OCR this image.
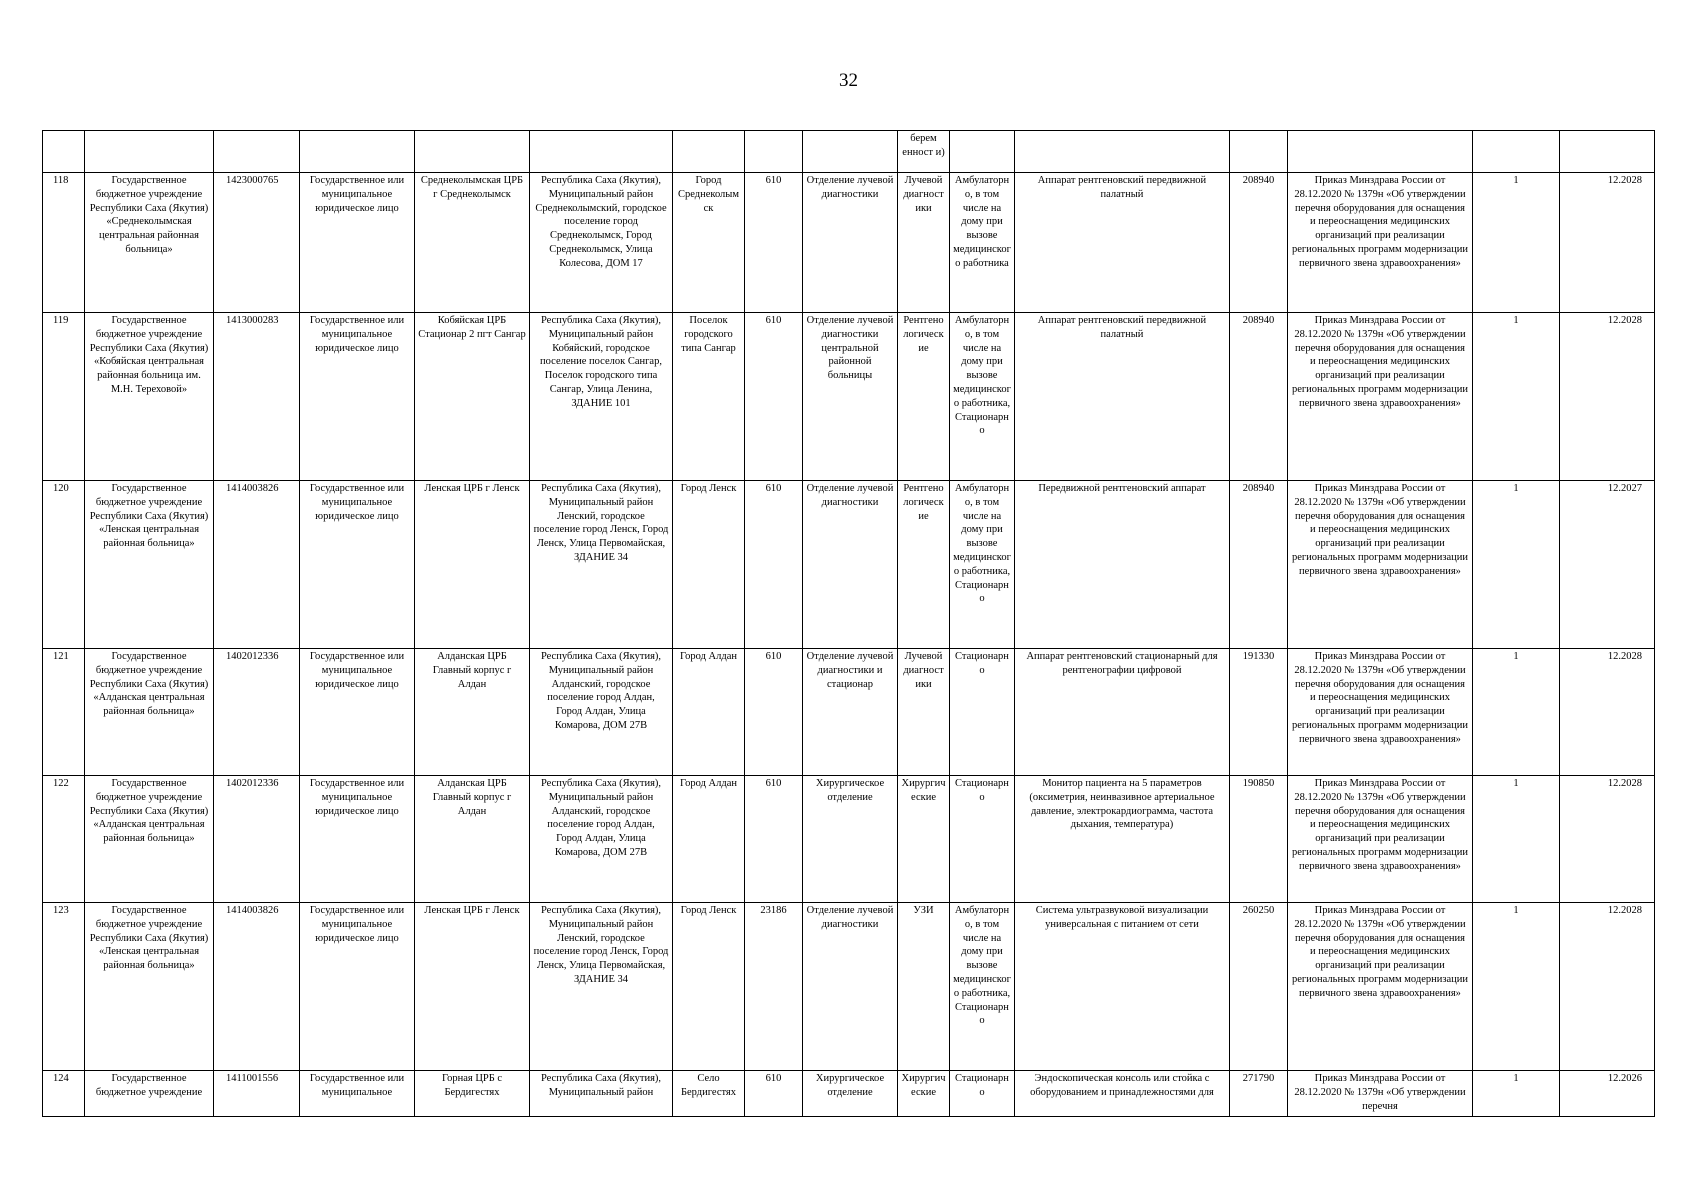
32
									берем енност и)						
118	Государственное бюджетное учреждение Республики Саха (Якутия) «Среднеколымская центральная районная больница»	1423000765	Государственное или муниципальное юридическое лицо	Среднеколымская ЦРБ г Среднеколымск	Республика Саха (Якутия), Муниципальный район Среднеколымский, городское поселение город Среднеколымск, Город Среднеколымск, Улица Колесова, ДОМ 17	Город Среднеколымск	610	Отделение лучевой диагностики	Лучевой диагностики	Амбулаторно, в том числе на дому при вызове медицинского работника	Аппарат рентгеновский передвижной палатный	208940	Приказ Минздрава России от 28.12.2020 № 1379н «Об утверждении перечня оборудования для оснащения и переоснащения медицинских организаций при реализации региональных программ модернизации первичного звена здравоохранения»	1	12.2028
119	Государственное бюджетное учреждение Республики Саха (Якутия) «Кобяйская центральная районная больница им. М.Н. Тереховой»	1413000283	Государственное или муниципальное юридическое лицо	Кобяйская ЦРБ Стационар 2 пгт Сангар	Республика Саха (Якутия), Муниципальный район Кобяйский, городское поселение поселок Сангар, Поселок городского типа Сангар, Улица Ленина, ЗДАНИЕ 101	Поселок городского типа Сангар	610	Отделение лучевой диагностики центральной районной больницы	Рентгенологические	Амбулаторно, в том числе на дому при вызове медицинского работника, Стационарно	Аппарат рентгеновский передвижной палатный	208940	Приказ Минздрава России от 28.12.2020 № 1379н «Об утверждении перечня оборудования для оснащения и переоснащения медицинских организаций при реализации региональных программ модернизации первичного звена здравоохранения»	1	12.2028
120	Государственное бюджетное учреждение Республики Саха (Якутия) «Ленская центральная районная больница»	1414003826	Государственное или муниципальное юридическое лицо	Ленская ЦРБ г Ленск	Республика Саха (Якутия), Муниципальный район Ленский, городское поселение город Ленск, Город Ленск, Улица Первомайская, ЗДАНИЕ 34	Город Ленск	610	Отделение лучевой диагностики	Рентгенологические	Амбулаторно, в том числе на дому при вызове медицинского работника, Стационарно	Передвижной рентгеновский аппарат	208940	Приказ Минздрава России от 28.12.2020 № 1379н «Об утверждении перечня оборудования для оснащения и переоснащения медицинских организаций при реализации региональных программ модернизации первичного звена здравоохранения»	1	12.2027
121	Государственное бюджетное учреждение Республики Саха (Якутия) «Алданская центральная районная больница»	1402012336	Государственное или муниципальное юридическое лицо	Алданская ЦРБ Главный корпус г Алдан	Республика Саха (Якутия), Муниципальный район Алданский, городское поселение город Алдан, Город Алдан, Улица Комарова, ДОМ 27В	Город Алдан	610	Отделение лучевой диагностики и стационар	Лучевой диагностики	Стационарно	Аппарат рентгеновский стационарный для рентгенографии цифровой	191330	Приказ Минздрава России от 28.12.2020 № 1379н «Об утверждении перечня оборудования для оснащения и переоснащения медицинских организаций при реализации региональных программ модернизации первичного звена здравоохранения»	1	12.2028
122	Государственное бюджетное учреждение Республики Саха (Якутия) «Алданская центральная районная больница»	1402012336	Государственное или муниципальное юридическое лицо	Алданская ЦРБ Главный корпус г Алдан	Республика Саха (Якутия), Муниципальный район Алданский, городское поселение город Алдан, Город Алдан, Улица Комарова, ДОМ 27В	Город Алдан	610	Хирургическое отделение	Хирургические	Стационарно	Монитор пациента на 5 параметров (оксиметрия, неинвазивное артериальное давление, электрокардиограмма, частота дыхания, температура)	190850	Приказ Минздрава России от 28.12.2020 № 1379н «Об утверждении перечня оборудования для оснащения и переоснащения медицинских организаций при реализации региональных программ модернизации первичного звена здравоохранения»	1	12.2028
123	Государственное бюджетное учреждение Республики Саха (Якутия) «Ленская центральная районная больница»	1414003826	Государственное или муниципальное юридическое лицо	Ленская ЦРБ г Ленск	Республика Саха (Якутия), Муниципальный район Ленский, городское поселение город Ленск, Город Ленск, Улица Первомайская, ЗДАНИЕ 34	Город Ленск	23186	Отделение лучевой диагностики	УЗИ	Амбулаторно, в том числе на дому при вызове медицинского работника, Стационарно	Система ультразвуковой визуализации универсальная с питанием от сети	260250	Приказ Минздрава России от 28.12.2020 № 1379н «Об утверждении перечня оборудования для оснащения и переоснащения медицинских организаций при реализации региональных программ модернизации первичного звена здравоохранения»	1	12.2028
124	Государственное бюджетное учреждение	1411001556	Государственное или муниципальное	Горная ЦРБ с Бердигестях	Республика Саха (Якутия), Муниципальный район	Село Бердигестях	610	Хирургическое отделение	Хирургические	Стационарно	Эндоскопическая консоль или стойка с оборудованием и принадлежностями для	271790	Приказ Минздрава России от 28.12.2020 № 1379н «Об утверждении перечня	1	12.2026
